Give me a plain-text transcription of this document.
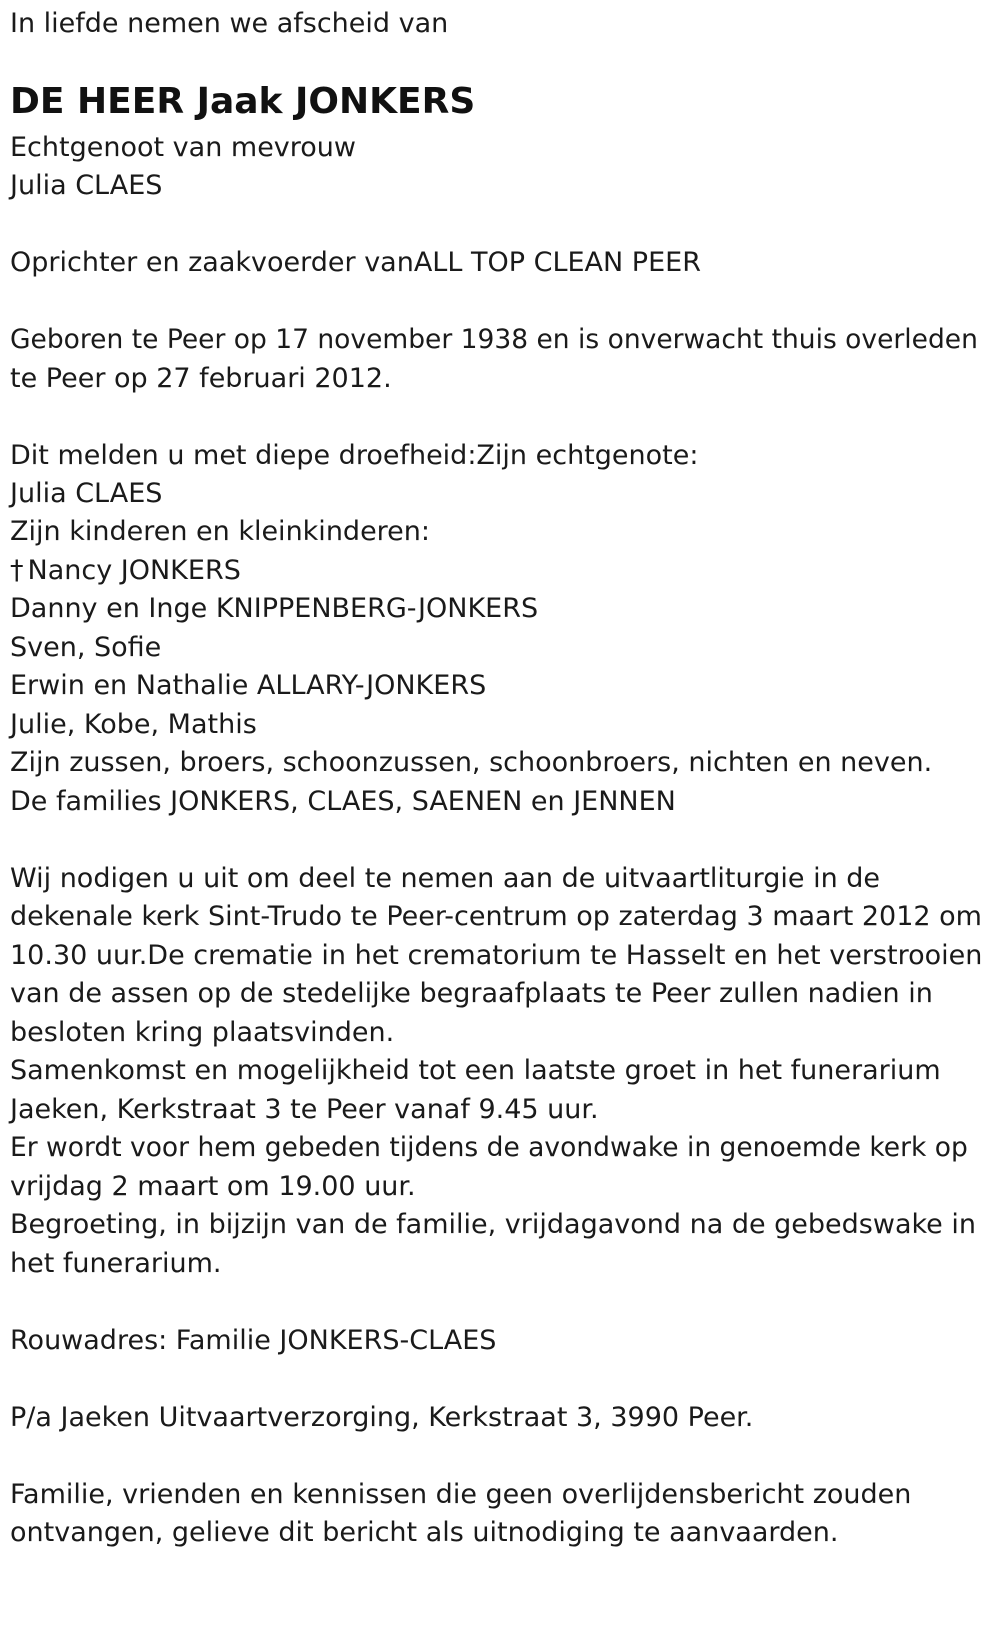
In liefde nemen we afscheid van
DE HEER Jaak JONKERS
Echtgenoot van mevrouw
Julia CLAES
Oprichter en zaakvoerder vanALL TOP CLEAN PEER
Geboren te Peer op 17 november 1938 en is onverwacht thuis overleden
te Peer op 27 februari 2012.
Dit melden u met diepe droefheid:Zijn echtgenote:
Julia CLAES
Zijn kinderen en kleinkinderen:
† Nancy JONKERS
Danny en Inge KNIPPENBERG-JONKERS
Sven, Sofie
Erwin en Nathalie ALLARY-JONKERS
Julie, Kobe, Mathis
Zijn zussen, broers, schoonzussen, schoonbroers, nichten en neven.
De families JONKERS, CLAES, SAENEN en JENNEN
Wij nodigen u uit om deel te nemen aan de uitvaartliturgie in de
dekenale kerk Sint-Trudo te Peer-centrum op zaterdag 3 maart 2012 om
10.30 uur.De crematie in het crematorium te Hasselt en het verstrooien
van de assen op de stedelijke begraafplaats te Peer zullen nadien in
besloten kring plaatsvinden.
Samenkomst en mogelijkheid tot een laatste groet in het funerarium
Jaeken, Kerkstraat 3 te Peer vanaf 9.45 uur.
Er wordt voor hem gebeden tijdens de avondwake in genoemde kerk op
vrijdag 2 maart om 19.00 uur.
Begroeting, in bijzijn van de familie, vrijdagavond na de gebedswake in
het funerarium.
Rouwadres: Familie JONKERS-CLAES
P/a Jaeken Uitvaartverzorging, Kerkstraat 3, 3990 Peer.
Familie, vrienden en kennissen die geen overlijdensbericht zouden
ontvangen, gelieve dit bericht als uitnodiging te aanvaarden.
